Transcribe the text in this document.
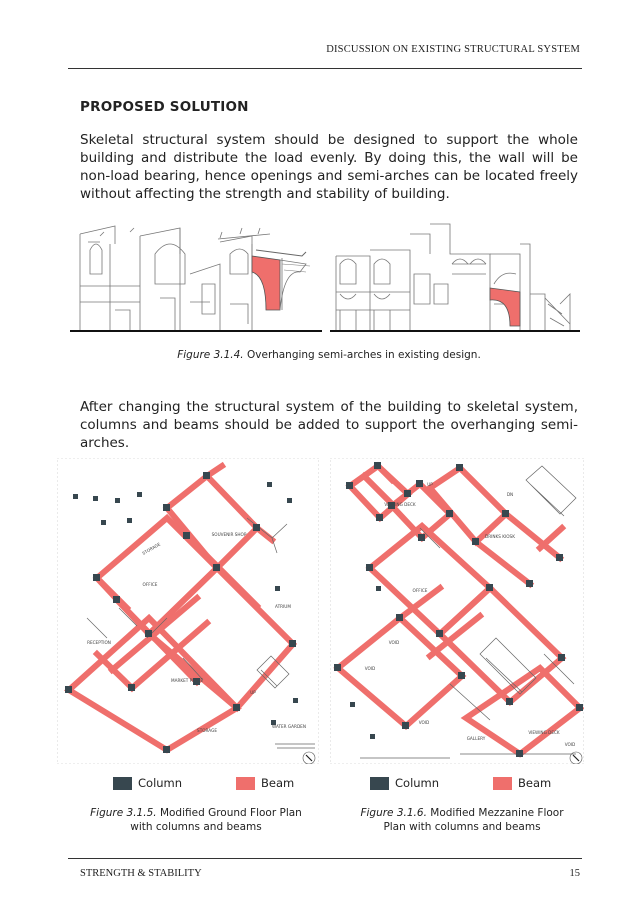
DISCUSSION ON EXISTING STRUCTURAL SYSTEM
PROPOSED SOLUTION
Skeletal structural system should be designed to support the whole building and distribute the load evenly. By doing this, the wall will be non-load bearing, hence openings and semi-arches can be located freely without affecting the strength and stability of building.
Figure 3.1.4. Overhanging semi-arches in existing design.
After changing the structural system of the building to skeletal system, columns and beams should be added to support the overhanging semi-arches.
SOUVENIR SHOP
STORAGE
OFFICE
ATRIUM
RECEPTION
MARKET PLACE
STORAGE
WATER GARDEN
UP
VIEWING DECK
DRINKS KIOSK
OFFICE
VOID
VOID
VOID
GALLERY
VIEWING DECK
VOID
DN
UP
Column	Beam	Column	Beam
Figure 3.1.5. Modified Ground Floor Plan
with columns and beams
Figure 3.1.6. Modified Mezzanine Floor
Plan with columns and beams
STRENGTH & STABILITY	15
